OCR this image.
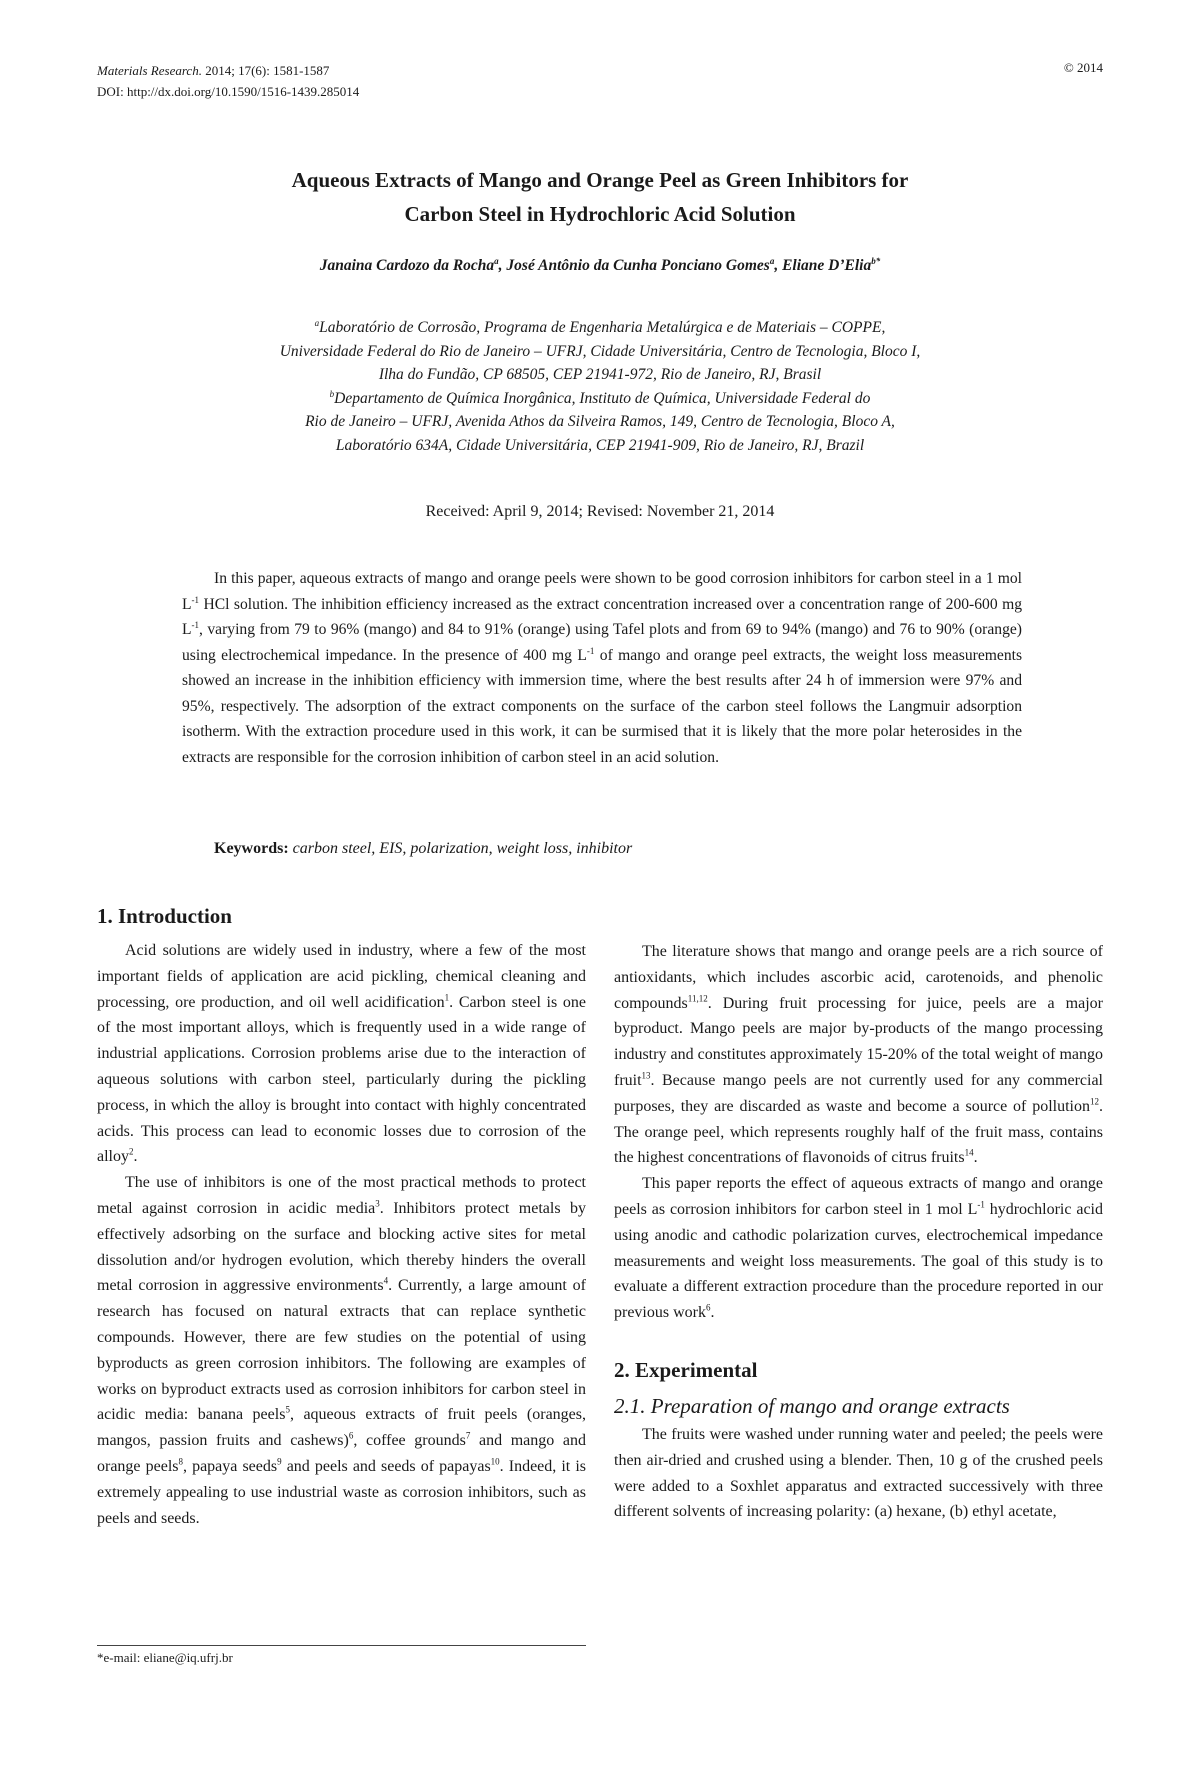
Materials Research. 2014; 17(6): 1581-1587
DOI: http://dx.doi.org/10.1590/1516-1439.285014
© 2014
Aqueous Extracts of Mango and Orange Peel as Green Inhibitors for
Carbon Steel in Hydrochloric Acid Solution
Janaina Cardozo da Rocha$^a$, José Antônio da Cunha Ponciano Gomes$^a$, Eliane D’Elia$^{b*}$
$^a$Laboratório de Corrosão, Programa de Engenharia Metalúrgica e de Materiais – COPPE,
Universidade Federal do Rio de Janeiro – UFRJ, Cidade Universitária, Centro de Tecnologia, Bloco I,
Ilha do Fundão, CP 68505, CEP 21941-972, Rio de Janeiro, RJ, Brasil
$^b$Departamento de Química Inorgânica, Instituto de Química, Universidade Federal do
Rio de Janeiro – UFRJ, Avenida Athos da Silveira Ramos, 149, Centro de Tecnologia, Bloco A,
Laboratório 634A, Cidade Universitária, CEP 21941-909, Rio de Janeiro, RJ, Brazil
Received: April 9, 2014; Revised: November 21, 2014

In this paper, aqueous extracts of mango and orange peels were shown to be good corrosion inhibitors for carbon steel in a 1 mol $L^{-1}$ HCl solution. The inhibition efficiency increased as the extract concentration increased over a concentration range of 200-600 mg $L^{-1}$, varying from 79 to 96% (mango) and 84 to 91% (orange) using Tafel plots and from 69 to 94% (mango) and 76 to 90% (orange) using electrochemical impedance. In the presence of 400 mg $L^{-1}$ of mango and orange peel extracts, the weight loss measurements showed an increase in the inhibition efficiency with immersion time, where the best results after 24 h of immersion were 97% and 95%, respectively. The adsorption of the extract components on the surface of the carbon steel follows the Langmuir adsorption isotherm. With the extraction procedure used in this work, it can be surmised that it is likely that the more polar heterosides in the extracts are responsible for the corrosion inhibition of carbon steel in an acid solution.

Keywords: carbon steel, EIS, polarization, weight loss, inhibitor
1. Introduction

Acid solutions are widely used in industry, where a few of the most important fields of application are acid pickling, chemical cleaning and processing, ore production, and oil well acidification$^1$. Carbon steel is one of the most important alloys, which is frequently used in a wide range of industrial applications. Corrosion problems arise due to the interaction of aqueous solutions with carbon steel, particularly during the pickling process, in which the alloy is brought into contact with highly concentrated acids. This process can lead to economic losses due to corrosion of the alloy$^2$.

The use of inhibitors is one of the most practical methods to protect metal against corrosion in acidic media$^3$. Inhibitors protect metals by effectively adsorbing on the surface and blocking active sites for metal dissolution and/or hydrogen evolution, which thereby hinders the overall metal corrosion in aggressive environments$^4$. Currently, a large amount of research has focused on natural extracts that can replace synthetic compounds. However, there are few studies on the potential of using byproducts as green corrosion inhibitors. The following are examples of works on byproduct extracts used as corrosion inhibitors for carbon steel in acidic media: banana peels$^5$, aqueous extracts of fruit peels (oranges, mangos, passion fruits and cashews)$^6$, coffee grounds$^7$ and mango and orange peels$^8$, papaya seeds$^9$ and peels and seeds of papayas$^{10}$. Indeed, it is extremely appealing to use industrial waste as corrosion inhibitors, such as peels and seeds.

The literature shows that mango and orange peels are a rich source of antioxidants, which includes ascorbic acid, carotenoids, and phenolic compounds$^{11,12}$. During fruit processing for juice, peels are a major byproduct. Mango peels are major by-products of the mango processing industry and constitutes approximately 15-20% of the total weight of mango fruit$^{13}$. Because mango peels are not currently used for any commercial purposes, they are discarded as waste and become a source of pollution$^{12}$. The orange peel, which represents roughly half of the fruit mass, contains the highest concentrations of flavonoids of citrus fruits$^{14}$.

This paper reports the effect of aqueous extracts of mango and orange peels as corrosion inhibitors for carbon steel in 1 mol $L^{-1}$ hydrochloric acid using anodic and cathodic polarization curves, electrochemical impedance measurements and weight loss measurements. The goal of this study is to evaluate a different extraction procedure than the procedure reported in our previous work$^6$.

2. Experimental
2.1. Preparation of mango and orange extracts

The fruits were washed under running water and peeled; the peels were then air-dried and crushed using a blender. Then, 10 g of the crushed peels were added to a Soxhlet apparatus and extracted successively with three different solvents of increasing polarity: (a) hexane, (b) ethyl acetate,

*e-mail: eliane@iq.ufrj.br
